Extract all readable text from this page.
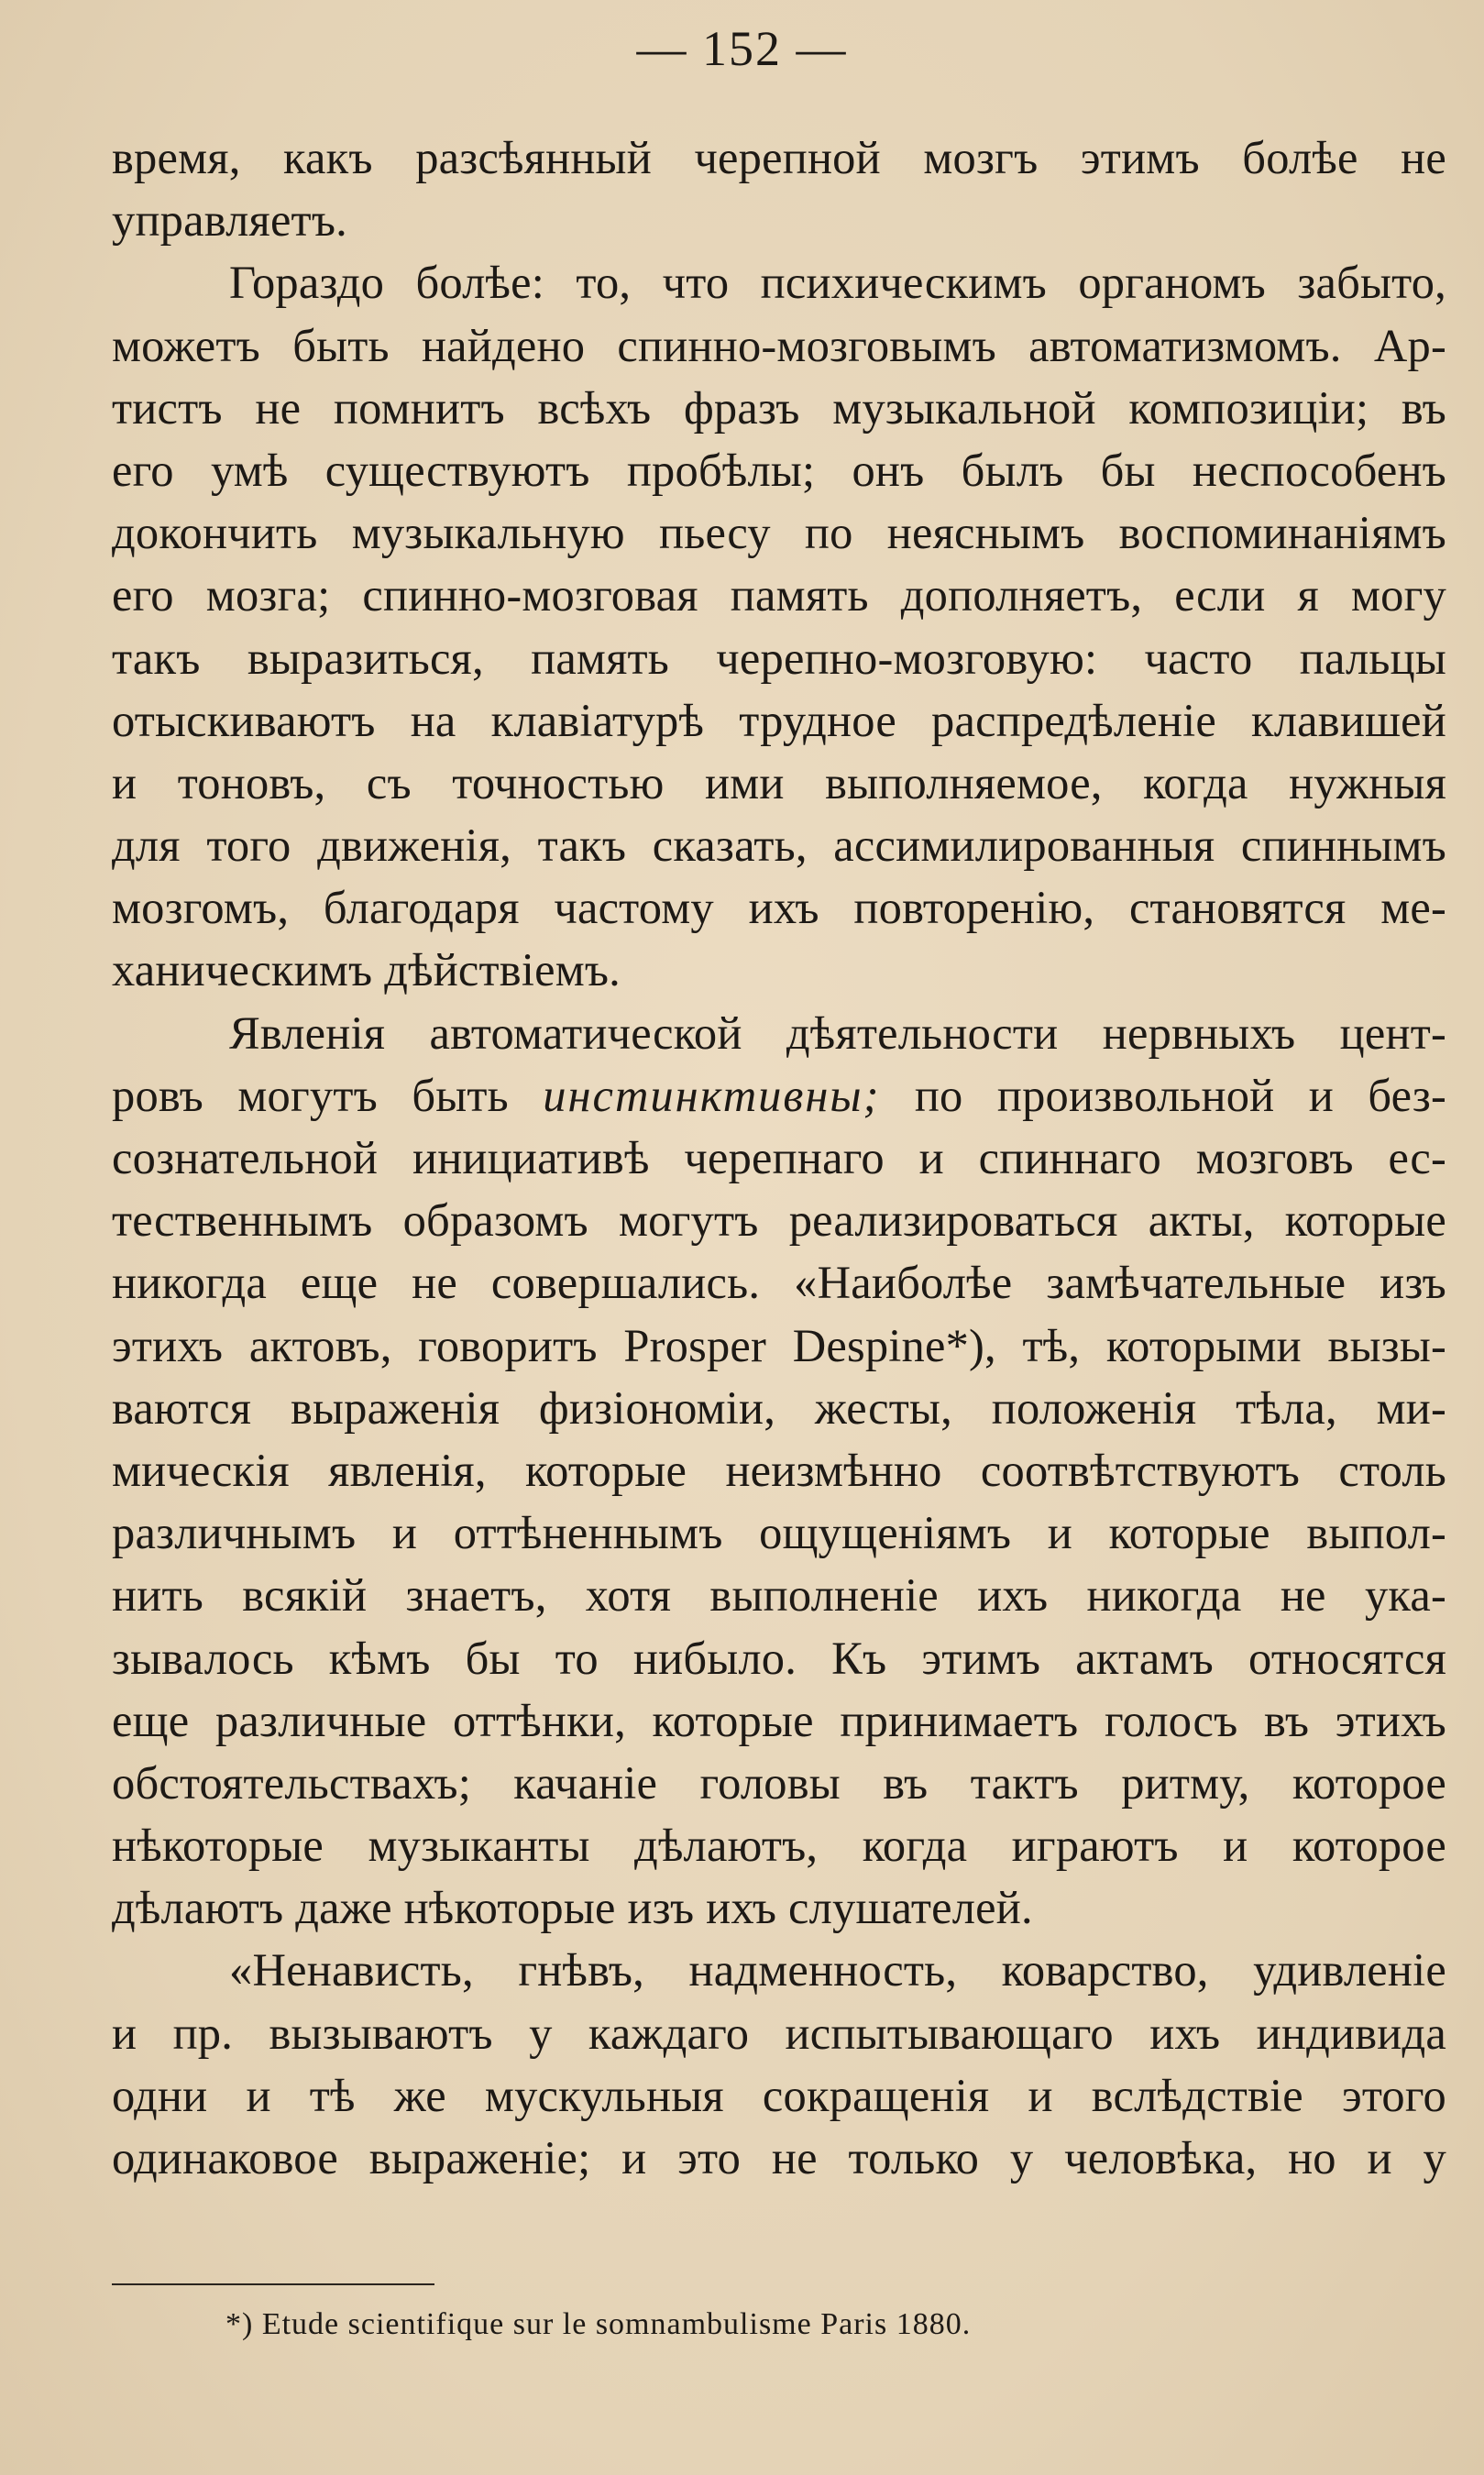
— 152 —
время, какъ разсѣянный черепной мозгъ этимъ болѣе не
управляетъ.
Гораздо болѣе: то, что психическимъ органомъ забыто,
можетъ быть найдено спинно-мозговымъ автоматизмомъ. Ар-
тистъ не помнитъ всѣхъ фразъ музыкальной композиціи; въ
его умѣ существуютъ пробѣлы; онъ былъ бы неспособенъ
докончить музыкальную пьесу по неяснымъ воспоминаніямъ
его мозга; спинно-мозговая память дополняетъ, если я могу
такъ выразиться, память черепно-мозговую: часто пальцы
отыскиваютъ на клавіатурѣ трудное распредѣленіе клавишей
и тоновъ, съ точностью ими выполняемое, когда нужныя
для того движенія, такъ сказать, ассимилированныя спиннымъ
мозгомъ, благодаря частому ихъ повторенію, становятся ме-
ханическимъ дѣйствіемъ.
Явленія автоматической дѣятельности нервныхъ цент-
ровъ могутъ быть инстинктивны; по произвольной и без-
сознательной инициативѣ черепнаго и спиннаго мозговъ ес-
тественнымъ образомъ могутъ реализироваться акты, которые
никогда еще не совершались. «Наиболѣе замѣчательные изъ
этихъ актовъ, говоритъ Prosper Despine*), тѣ, которыми вызы-
ваются выраженія физіономіи, жесты, положенія тѣла, ми-
мическія явленія, которые неизмѣнно соотвѣтствуютъ столь
различнымъ и оттѣненнымъ ощущеніямъ и которые выпол-
нить всякій знаетъ, хотя выполненіе ихъ никогда не ука-
зывалось кѣмъ бы то нибыло. Къ этимъ актамъ относятся
еще различные оттѣнки, которые принимаетъ голосъ въ этихъ
обстоятельствахъ; качаніе головы въ тактъ ритму, которое
нѣкоторые музыканты дѣлаютъ, когда играютъ и которое
дѣлаютъ даже нѣкоторые изъ ихъ слушателей.
«Ненависть, гнѣвъ, надменность, коварство, удивленіе
и пр. вызываютъ у каждаго испытывающаго ихъ индивида
одни и тѣ же мускульныя сокращенія и вслѣдствіе этого
одинаковое выраженіе; и это не только у человѣка, но и у
*) Etude scientifique sur le somnambulisme Paris 1880.
